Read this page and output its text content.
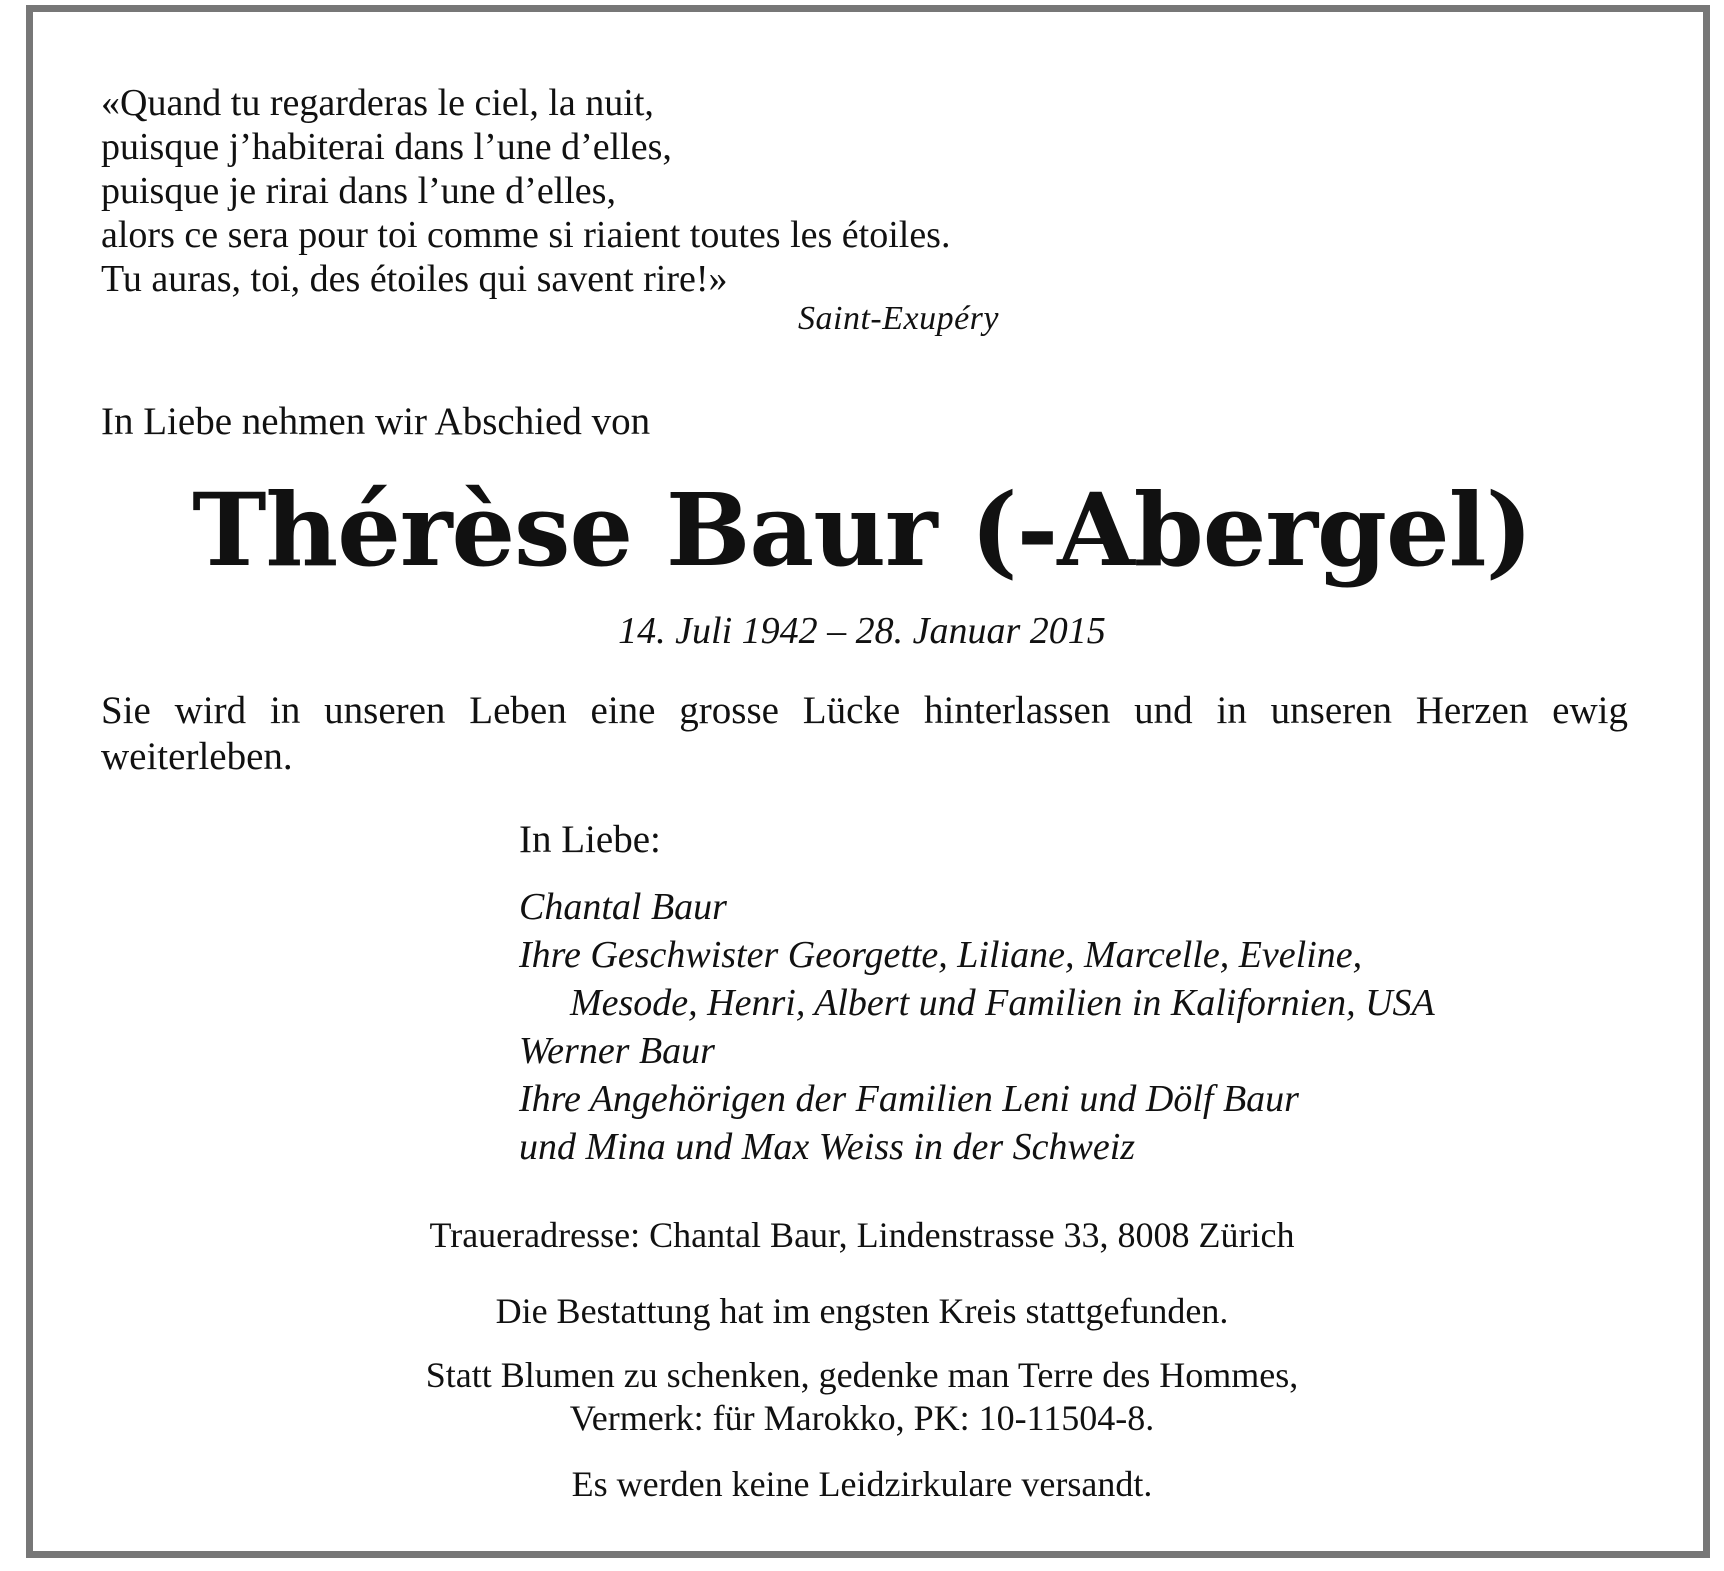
«Quand tu regarderas le ciel, la nuit,
puisque j’habiterai dans l’une d’elles,
puisque je rirai dans l’une d’elles,
alors ce sera pour toi comme si riaient toutes les étoiles.
Tu auras, toi, des étoiles qui savent rire!»
Saint-Exupéry
In Liebe nehmen wir Abschied von
Thérèse Baur (-Abergel)
14. Juli 1942 – 28. Januar 2015
Sie wird in unseren Leben eine grosse Lücke hinterlassen und in unseren Herzen ewig weiterleben.
In Liebe:
Chantal Baur
Ihre Geschwister Georgette, Liliane, Marcelle, Eveline,
Mesode, Henri, Albert und Familien in Kalifornien, USA
Werner Baur
Ihre Angehörigen der Familien Leni und Dölf Baur
und Mina und Max Weiss in der Schweiz
Traueradresse: Chantal Baur, Lindenstrasse 33, 8008 Zürich
Die Bestattung hat im engsten Kreis stattgefunden.
Statt Blumen zu schenken, gedenke man Terre des Hommes,
Vermerk: für Marokko, PK: 10-11504-8.
Es werden keine Leidzirkulare versandt.
